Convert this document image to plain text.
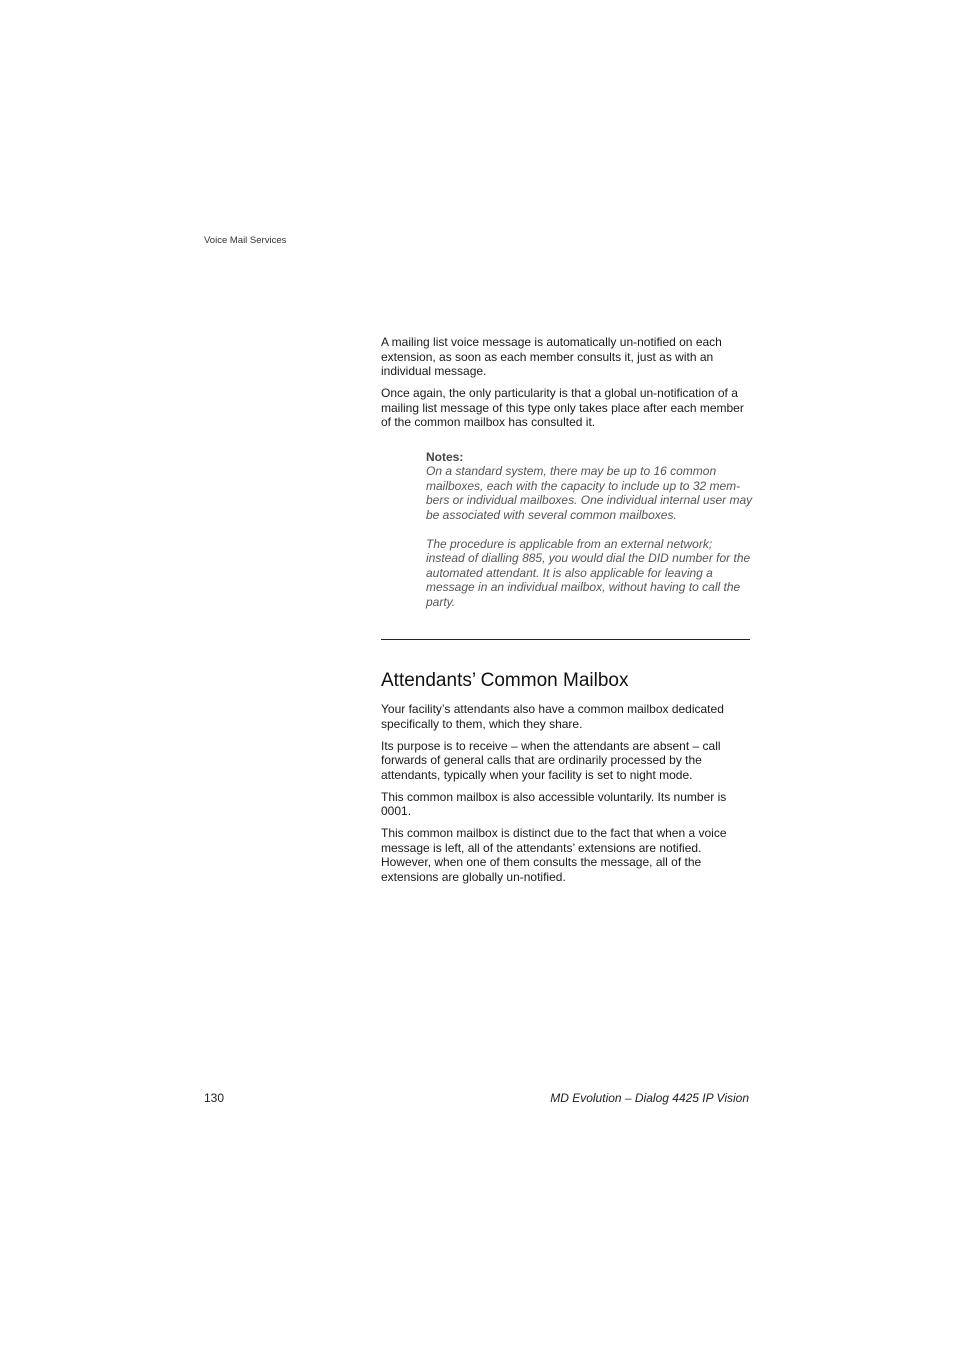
Voice Mail Services

A mailing list voice message is automatically un-notified on each extension, as soon as each member consults it, just as with an individual message.

Once again, the only particularity is that a global un-notification of a mailing list message of this type only takes place after each member of the common mailbox has consulted it.

Notes:

On a standard system, there may be up to 16 common mailboxes, each with the capacity to include up to 32 mem-bers or individual mailboxes. One individual internal user may be associated with several common mailboxes.

The procedure is applicable from an external network; instead of dialling 885, you would dial the DID number for the automated attendant. It is also applicable for leaving a message in an individual mailbox, without having to call the party.

Attendants’ Common Mailbox

Your facility’s attendants also have a common mailbox dedicated specifically to them, which they share.

Its purpose is to receive – when the attendants are absent – call forwards of general calls that are ordinarily processed by the attendants, typically when your facility is set to night mode.

This common mailbox is also accessible voluntarily. Its number is 0001.

This common mailbox is distinct due to the fact that when a voice message is left, all of the attendants’ extensions are notified. However, when one of them consults the message, all of the extensions are globally un-notified.

130	MD Evolution – Dialog 4425 IP Vision
